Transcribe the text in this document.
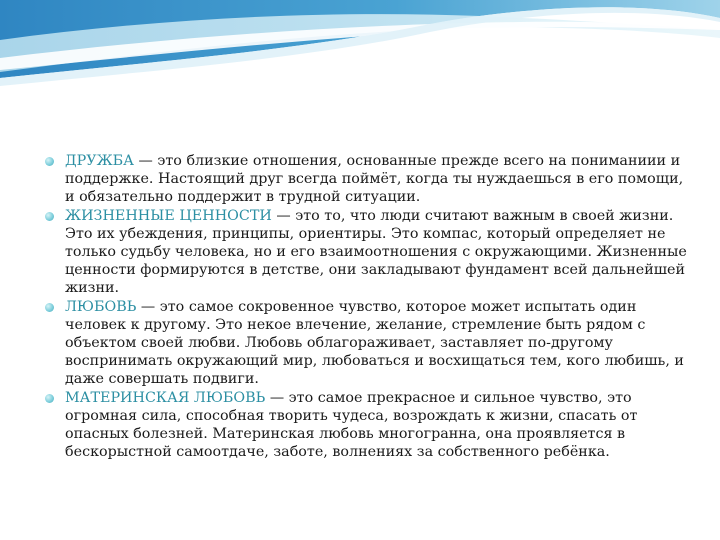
ДРУЖБА — это близкие отношения, основанные прежде всего на пониманиии и поддержке. Настоящий друг всегда поймёт, когда ты нуждаешься в его помощи, и обязательно поддержит в трудной ситуации.
ЖИЗНЕННЫЕ ЦЕННОСТИ — это то, что люди считают важным в своей жизни. Это их убеждения, принципы, ориентиры. Это компас, который определяет не только судьбу человека, но и его взаимоотношения с окружающими. Жизненные ценности формируются в детстве, они закладывают фундамент всей дальнейшей жизни.
ЛЮБОВЬ — это самое сокровенное чувство, которое может испытать один человек к другому. Это некое влечение, желание, стремление быть рядом с объектом своей любви. Любовь облагораживает, заставляет по-другому воспринимать окружающий мир, любоваться и восхищаться тем, кого любишь, и даже совершать подвиги.
МАТЕРИНСКАЯ ЛЮБОВЬ — это самое прекрасное и сильное чувство, это огромная сила, способная творить чудеса, возрождать к жизни, спасать от опасных болезней. Материнская любовь многогранна, она проявляется в бескорыстной самоотдаче, заботе, волнениях за собственного ребёнка.
